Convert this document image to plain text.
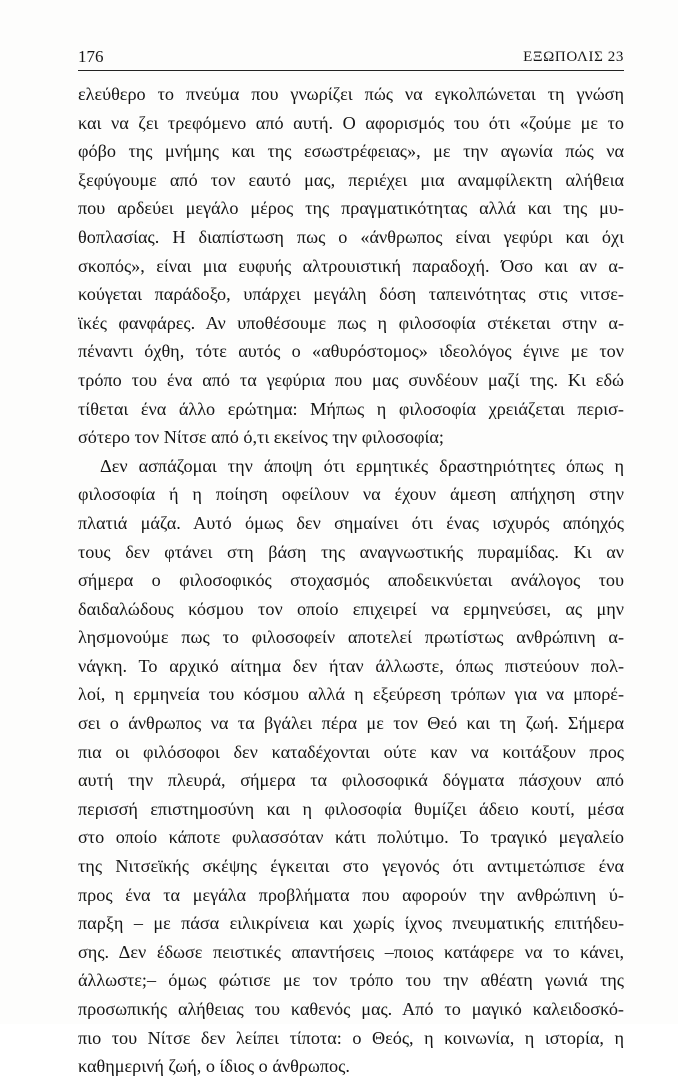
176	ΕΞΩΠΟΛΙΣ 23
ελεύθερο το πνεύμα που γνωρίζει πώς να εγκολπώνεται τη γνώση
και να ζει τρεφόμενο από αυτή. Ο αφορισμός του ότι «ζούμε με το
φόβο της μνήμης και της εσωστρέφειας», με την αγωνία πώς να
ξεφύγουμε από τον εαυτό μας, περιέχει μια αναμφίλεκτη αλήθεια
που αρδεύει μεγάλο μέρος της πραγματικότητας αλλά και της μυ-
θοπλασίας. Η διαπίστωση πως ο «άνθρωπος είναι γεφύρι και όχι
σκοπός», είναι μια ευφυής αλτρουιστική παραδοχή. Όσο και αν α-
κούγεται παράδοξο, υπάρχει μεγάλη δόση ταπεινότητας στις νιτσε-
ϊκές φανφάρες. Αν υποθέσουμε πως η φιλοσοφία στέκεται στην α-
πέναντι όχθη, τότε αυτός ο «αθυρόστομος» ιδεολόγος έγινε με τον
τρόπο του ένα από τα γεφύρια που μας συνδέουν μαζί της. Κι εδώ
τίθεται ένα άλλο ερώτημα: Μήπως η φιλοσοφία χρειάζεται περισ-
σότερο τον Νίτσε από ό,τι εκείνος την φιλοσοφία;
Δεν ασπάζομαι την άποψη ότι ερμητικές δραστηριότητες όπως η
φιλοσοφία ή η ποίηση οφείλουν να έχουν άμεση απήχηση στην
πλατιά μάζα. Αυτό όμως δεν σημαίνει ότι ένας ισχυρός απόηχός
τους δεν φτάνει στη βάση της αναγνωστικής πυραμίδας. Κι αν
σήμερα ο φιλοσοφικός στοχασμός αποδεικνύεται ανάλογος του
δαιδαλώδους κόσμου τον οποίο επιχειρεί να ερμηνεύσει, ας μην
λησμονούμε πως το φιλοσοφείν αποτελεί πρωτίστως ανθρώπινη α-
νάγκη. Το αρχικό αίτημα δεν ήταν άλλωστε, όπως πιστεύουν πολ-
λοί, η ερμηνεία του κόσμου αλλά η εξεύρεση τρόπων για να μπορέ-
σει ο άνθρωπος να τα βγάλει πέρα με τον Θεό και τη ζωή. Σήμερα
πια οι φιλόσοφοι δεν καταδέχονται ούτε καν να κοιτάξουν προς
αυτή την πλευρά, σήμερα τα φιλοσοφικά δόγματα πάσχουν από
περισσή επιστημοσύνη και η φιλοσοφία θυμίζει άδειο κουτί, μέσα
στο οποίο κάποτε φυλασσόταν κάτι πολύτιμο. Το τραγικό μεγαλείο
της Νιτσεϊκής σκέψης έγκειται στο γεγονός ότι αντιμετώπισε ένα
προς ένα τα μεγάλα προβλήματα που αφορούν την ανθρώπινη ύ-
παρξη – με πάσα ειλικρίνεια και χωρίς ίχνος πνευματικής επιτήδευ-
σης. Δεν έδωσε πειστικές απαντήσεις –ποιος κατάφερε να το κάνει,
άλλωστε;– όμως φώτισε με τον τρόπο του την αθέατη γωνιά της
προσωπικής αλήθειας του καθενός μας. Από το μαγικό καλειδοσκό-
πιο του Νίτσε δεν λείπει τίποτα: ο Θεός, η κοινωνία, η ιστορία, η
καθημερινή ζωή, ο ίδιος ο άνθρωπος.
